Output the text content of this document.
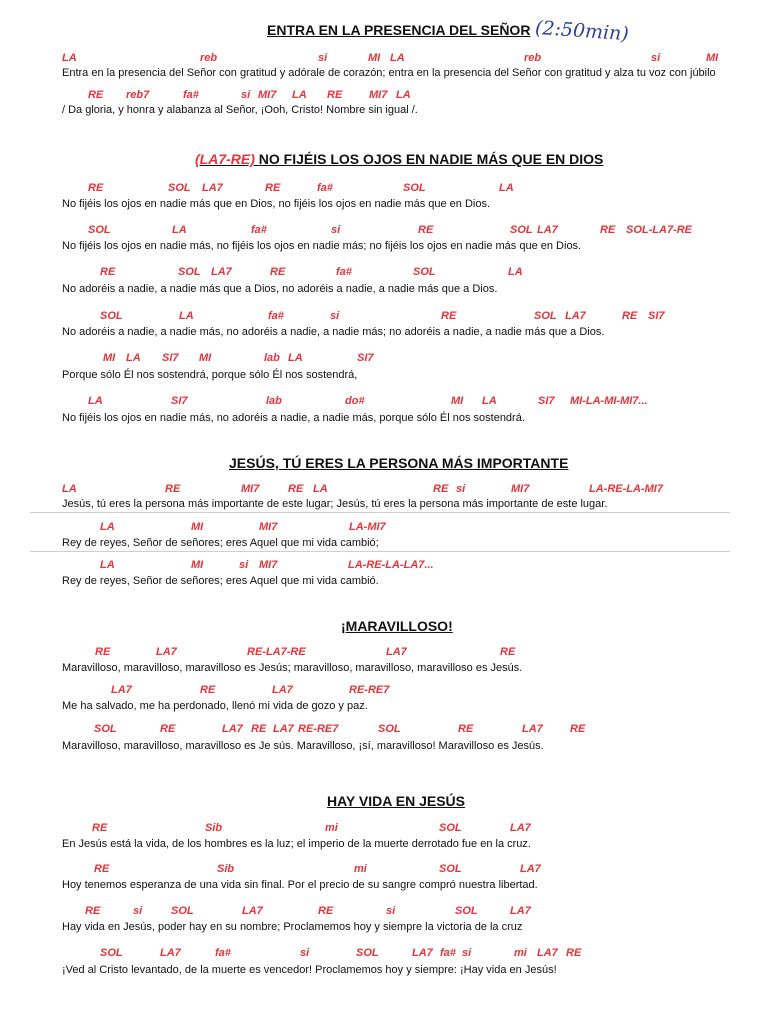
ENTRA EN LA PRESENCIA DEL SEÑOR (2:50min)
LA	reb	si	MI LA	reb	si	MI
Entra en la presencia del Señor con gratitud y adórale de corazón; entra en la presencia del Señor con gratitud y alza tu voz con júbilo
RE reb7	fa#	si MI7 LA RE MI7 LA
/ Da gloria, y honra y alabanza al Señor, ¡Ooh, Cristo! Nombre sin igual /.
(LA7-RE) NO FIJÉIS LOS OJOS EN NADIE MÁS QUE EN DIOS
RE	SOL LA7	RE	fa#	SOL	LA
No fijéis los ojos en nadie más que en Dios, no fijéis los ojos en nadie más que en Dios.
SOL	LA	fa#	si	RE	SOL LA7	RE SOL-LA7-RE
No fijéis los ojos en nadie más, no fijéis los ojos en nadie más; no fijéis los ojos en nadie más que en Dios.
RE	SOL LA7	RE	fa#	SOL	LA
No adoréis a nadie, a nadie más que a Dios, no adoréis a nadie, a nadie más que a Dios.
SOL	LA	fa#	si	RE	SOL LA7	RE SI7
No adoréis a nadie, a nadie más, no adoréis a nadie, a nadie más; no adoréis a nadie, a nadie más que a Dios.
MI LA SI7 MI	lab LA	SI7
Porque sólo Él nos sostendrá, porque sólo Él nos sostendrá,
LA	SI7	lab	do#	MI LA	SI7 MI-LA-MI-MI7...
No fijéis los ojos en nadie más, no adoréis a nadie, a nadie más, porque sólo Él nos sostendrá.
JESÚS, TÚ ERES LA PERSONA MÁS IMPORTANTE
LA	RE	MI7	RE LA	RE si	MI7	LA-RE-LA-MI7
Jesús, tú eres la persona más importante de este lugar; Jesús, tú eres la persona más importante de este lugar.
LA	MI	MI7	LA-MI7
Rey de reyes, Señor de señores; eres Aquel que mi vida cambió;
LA	MI	si MI7	LA-RE-LA-LA7...
Rey de reyes, Señor de señores; eres Aquel que mi vida cambió.
¡MARAVILLOSO!
RE	LA7	RE-LA7-RE	LA7	RE
Maravilloso, maravilloso, maravilloso es Jesús; maravilloso, maravilloso, maravilloso es Jesús.
LA7	RE	LA7	RE-RE7
Me ha salvado, me ha perdonado, llenó mi vida de gozo y paz.
SOL	RE	LA7 RE LA7 RE-RE7	SOL	RE	LA7 RE
Maravilloso, maravilloso, maravilloso es Je sús. Maravilloso, ¡sí, maravilloso! Maravilloso es Jesús.
HAY VIDA EN JESÚS
RE	Sib	mi	SOL	LA7
En Jesús está la vida, de los hombres es la luz; el imperio de la muerte derrotado fue en la cruz.
RE	Sib	mi	SOL	LA7
Hoy tenemos esperanza de una vida sin final. Por el precio de su sangre compró nuestra libertad.
RE	si	SOL	LA7	RE	si	SOL	LA7
Hay vida en Jesús, poder hay en su nombre; Proclamemos hoy y siempre la victoria de la cruz
SOL	LA7	fa#	si	SOL	LA7 fa# si	mi LA7 RE
¡Ved al Cristo levantado, de la muerte es vencedor! Proclamemos hoy y siempre: ¡Hay vida en Jesús!
